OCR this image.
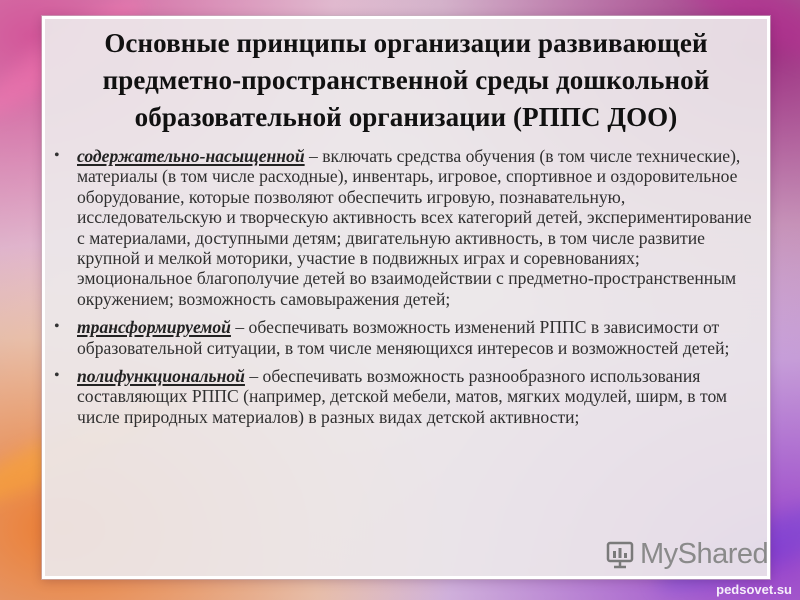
Основные принципы организации развивающей предметно-пространственной среды дошкольной образовательной организации (РППС ДОО)
• содержательно-насыщенной – включать средства обучения (в том числе технические), материалы (в том числе расходные), инвентарь, игровое, спортивное и оздоровительное оборудование, которые позволяют обеспечить игровую, познавательную, исследовательскую и творческую активность всех категорий детей, экспериментирование с материалами, доступными детям; двигательную активность, в том числе развитие крупной и мелкой моторики, участие в подвижных играх и соревнованиях; эмоциональное благополучие детей во взаимодействии с предметно-пространственным окружением; возможность самовыражения детей;
• трансформируемой – обеспечивать возможность изменений РППС в зависимости от образовательной ситуации, в том числе меняющихся интересов и возможностей детей;
• полифункциональной – обеспечивать возможность разнообразного использования составляющих РППС (например, детской мебели, матов, мягких модулей, ширм, в том числе природных материалов) в разных видах детской активности;
MyShared
pedsovet.su
